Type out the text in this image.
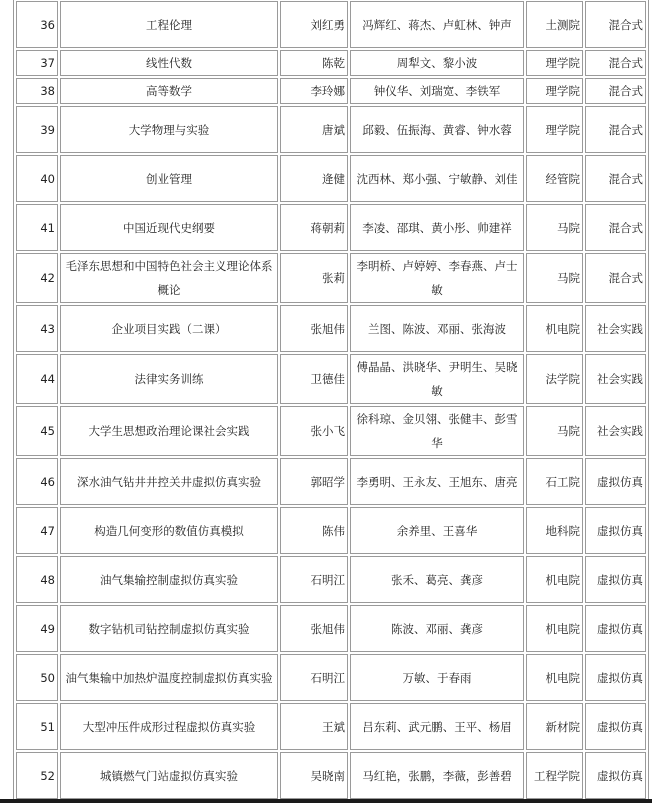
36	工程伦理	刘红勇	冯辉红、蒋杰、卢虹林、钟声	土测院	混合式
37	线性代数	陈乾	周犁文、黎小波	理学院	混合式
38	高等数学	李玲娜	钟仪华、刘瑞宽、李铁军	理学院	混合式
39	大学物理与实验	唐斌	邱毅、伍振海、黄睿、钟水蓉	理学院	混合式
40	创业管理	逄健	沈西林、郑小强、宁敏静、刘佳	经管院	混合式
41	中国近现代史纲要	蒋朝莉	李凌、邵琪、黄小彤、帅建祥	马院	混合式
42	毛泽东思想和中国特色社会主义理论体系概论	张莉	李明桥、卢婷婷、李春燕、卢士敏	马院	混合式
43	企业项目实践（二课）	张旭伟	兰图、陈波、邓丽、张海波	机电院	社会实践
44	法律实务训练	卫德佳	傅晶晶、洪晓华、尹明生、吴晓敏	法学院	社会实践
45	大学生思想政治理论课社会实践	张小飞	徐科琼、金贝翎、张健丰、彭雪华	马院	社会实践
46	深水油气钻井井控关井虚拟仿真实验	郭昭学	李勇明、王永友、王旭东、唐亮	石工院	虚拟仿真
47	构造几何变形的数值仿真模拟	陈伟	余养里、王喜华	地科院	虚拟仿真
48	油气集输控制虚拟仿真实验	石明江	张禾、葛亮、龚彦	机电院	虚拟仿真
49	数字钻机司钻控制虚拟仿真实验	张旭伟	陈波、邓丽、龚彦	机电院	虚拟仿真
50	油气集输中加热炉温度控制虚拟仿真实验	石明江	万敏、于春雨	机电院	虚拟仿真
51	大型冲压件成形过程虚拟仿真实验	王斌	吕东莉、武元鹏、王平、杨眉	新材院	虚拟仿真
52	城镇燃气门站虚拟仿真实验	吴晓南	马红艳，张鹏，李薇，彭善碧	工程学院	虚拟仿真
